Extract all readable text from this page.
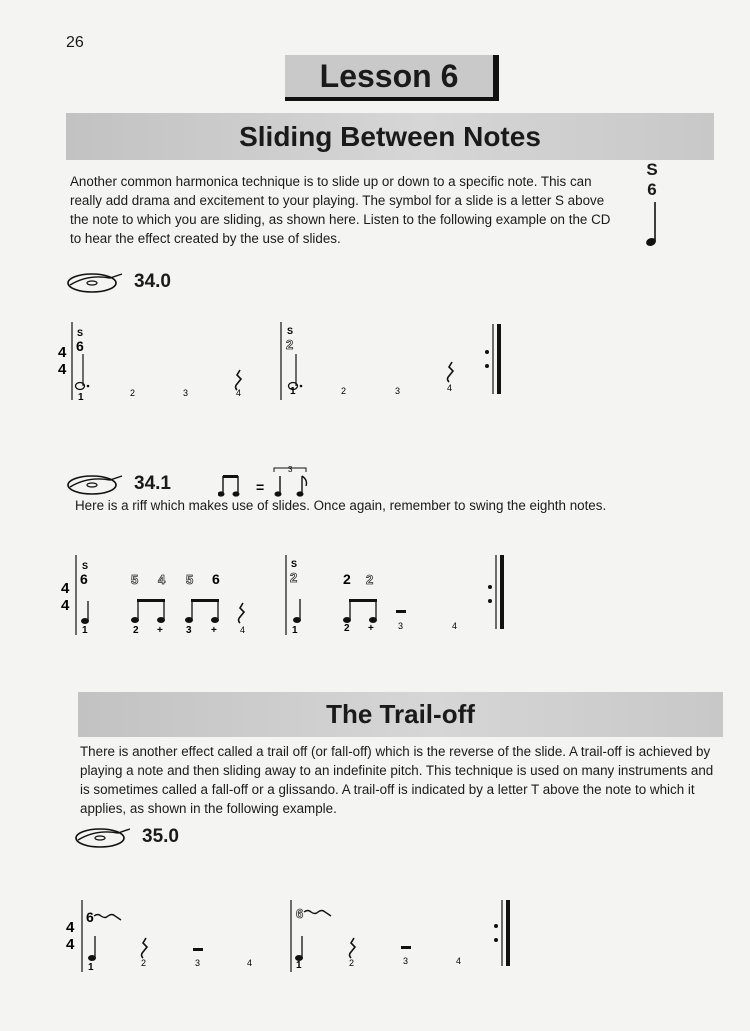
26
Lesson 6
Sliding Between Notes
Another common harmonica technique is to slide up or down to a specific note. This can really add drama and excitement to your playing. The symbol for a slide is a letter S above the note to which you are sliding, as shown here. Listen to the following example on the CD to hear the effect created by the use of slides.
S
6
34.0
4
4
S
6
1	2	3	4
S
2
1	2	3	4
34.1	=
3
Here is a riff which makes use of slides. Once again, remember to swing the eighth notes.
4
4
S
6
1
5 4
2 +
5 6
3 +	4
S
2
1
2 2
2 +	3	4
The Trail-off
There is another effect called a trail off (or fall-off) which is the reverse of the slide. A trail-off is achieved by playing a note and then sliding away to an indefinite pitch. This technique is used on many instruments and is sometimes called a fall-off or a glissando. A trail-off is indicated by a letter T above the note to which it applies, as shown in the following example.
35.0
4
4
6
1	2	3	4
6
1	2	3	4
